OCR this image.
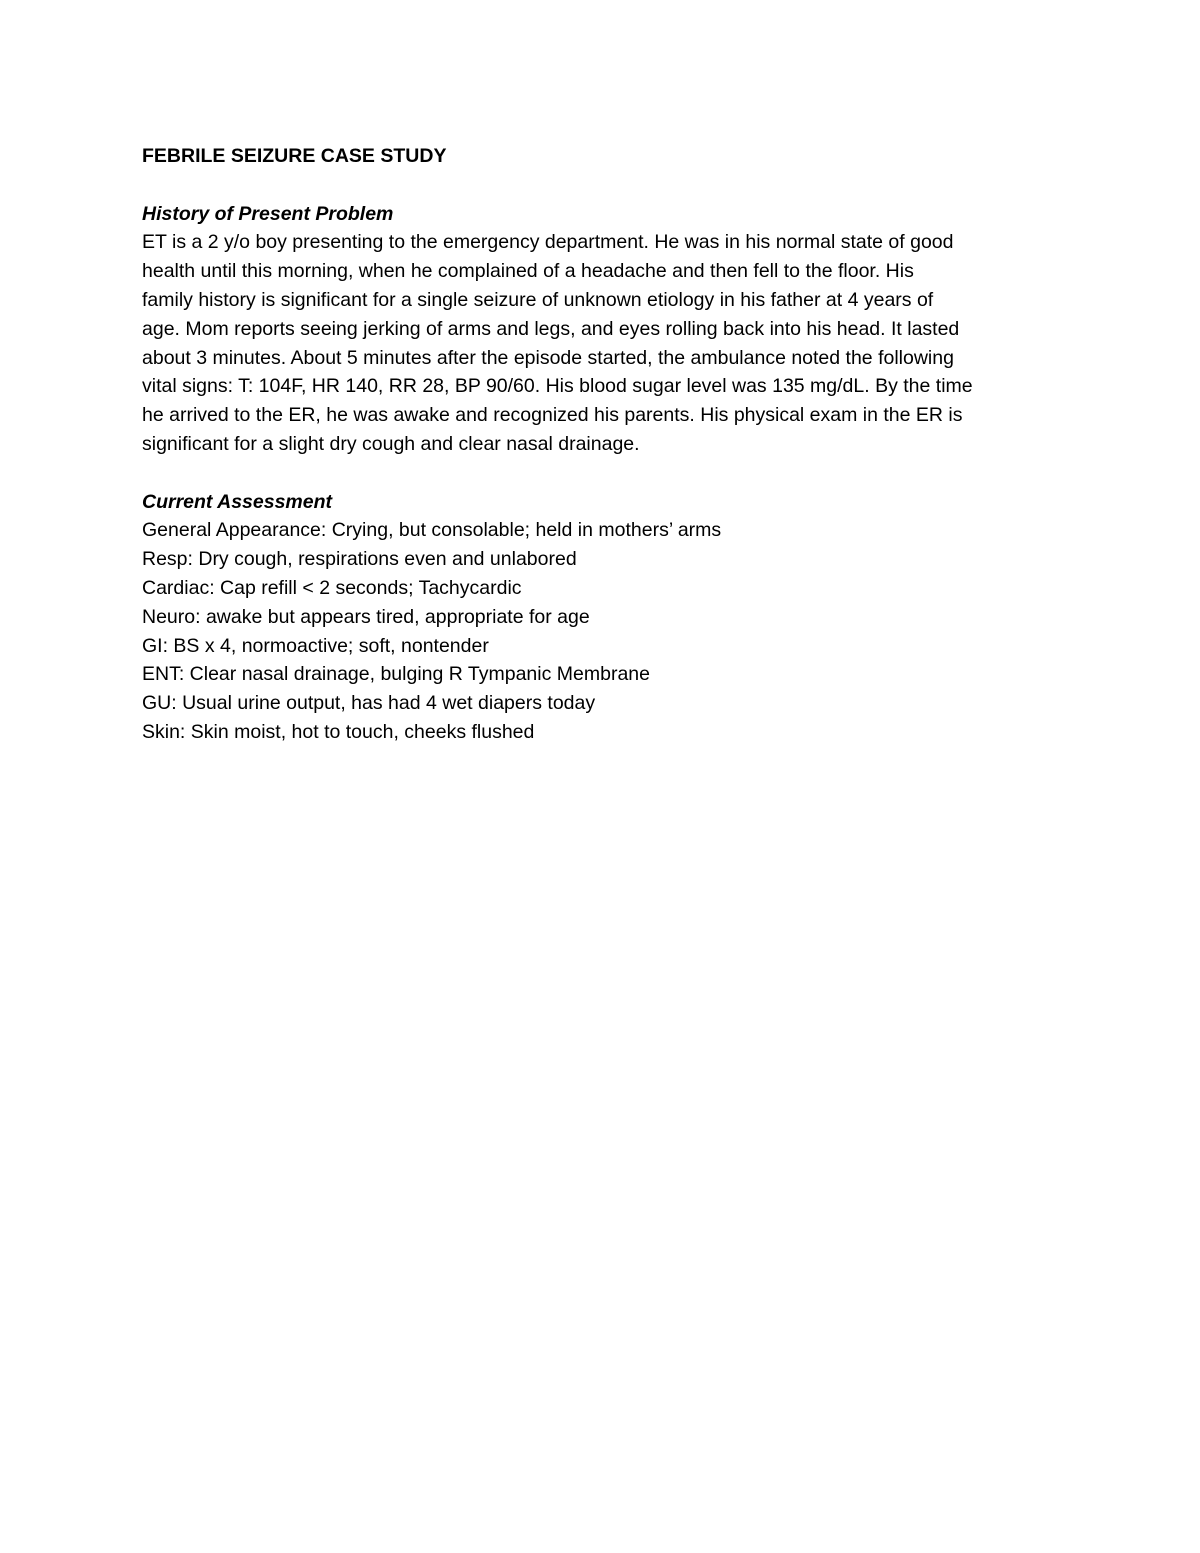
FEBRILE SEIZURE CASE STUDY
History of Present Problem
ET is a 2 y/o boy presenting to the emergency department. He was in his normal state of good
health until this morning, when he complained of a headache and then fell to the floor. His
family history is significant for a single seizure of unknown etiology in his father at 4 years of
age. Mom reports seeing jerking of arms and legs, and eyes rolling back into his head. It lasted
about 3 minutes. About 5 minutes after the episode started, the ambulance noted the following
vital signs: T: 104F, HR 140, RR 28, BP 90/60. His blood sugar level was 135 mg/dL. By the time
he arrived to the ER, he was awake and recognized his parents. His physical exam in the ER is
significant for a slight dry cough and clear nasal drainage.
Current Assessment
General Appearance: Crying, but consolable; held in mothers’ arms
Resp: Dry cough, respirations even and unlabored
Cardiac: Cap refill < 2 seconds; Tachycardic
Neuro: awake but appears tired, appropriate for age
GI: BS x 4, normoactive; soft, nontender
ENT: Clear nasal drainage, bulging R Tympanic Membrane
GU: Usual urine output, has had 4 wet diapers today
Skin: Skin moist, hot to touch, cheeks flushed
